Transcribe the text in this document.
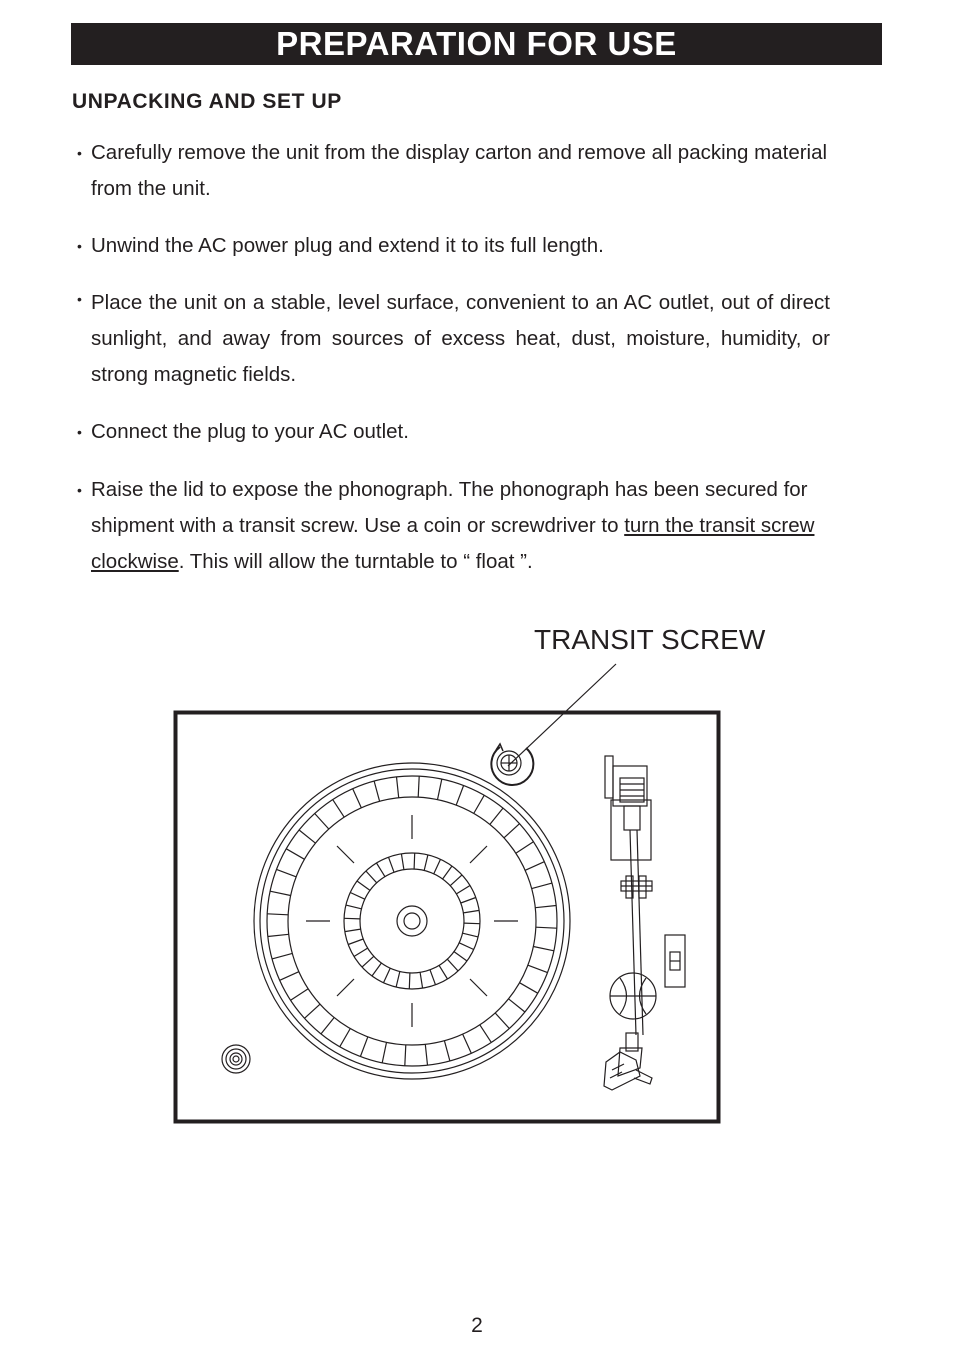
PREPARATION FOR USE
UNPACKING AND SET UP
• Carefully remove the unit from the display carton and remove all packing material from the unit.
• Unwind the AC power plug and extend it to its full length.
• Place the unit on a stable, level surface, convenient to an AC outlet, out of direct sunlight, and away from sources of excess heat, dust, moisture, humidity, or strong magnetic fields.
• Connect the plug to your AC outlet.
• Raise the lid to expose the phonograph. The phonograph has been secured for shipment with a transit screw. Use a coin or screwdriver to turn the transit screw clockwise. This will allow the turntable to “ float ”.
TRANSIT SCREW
2
